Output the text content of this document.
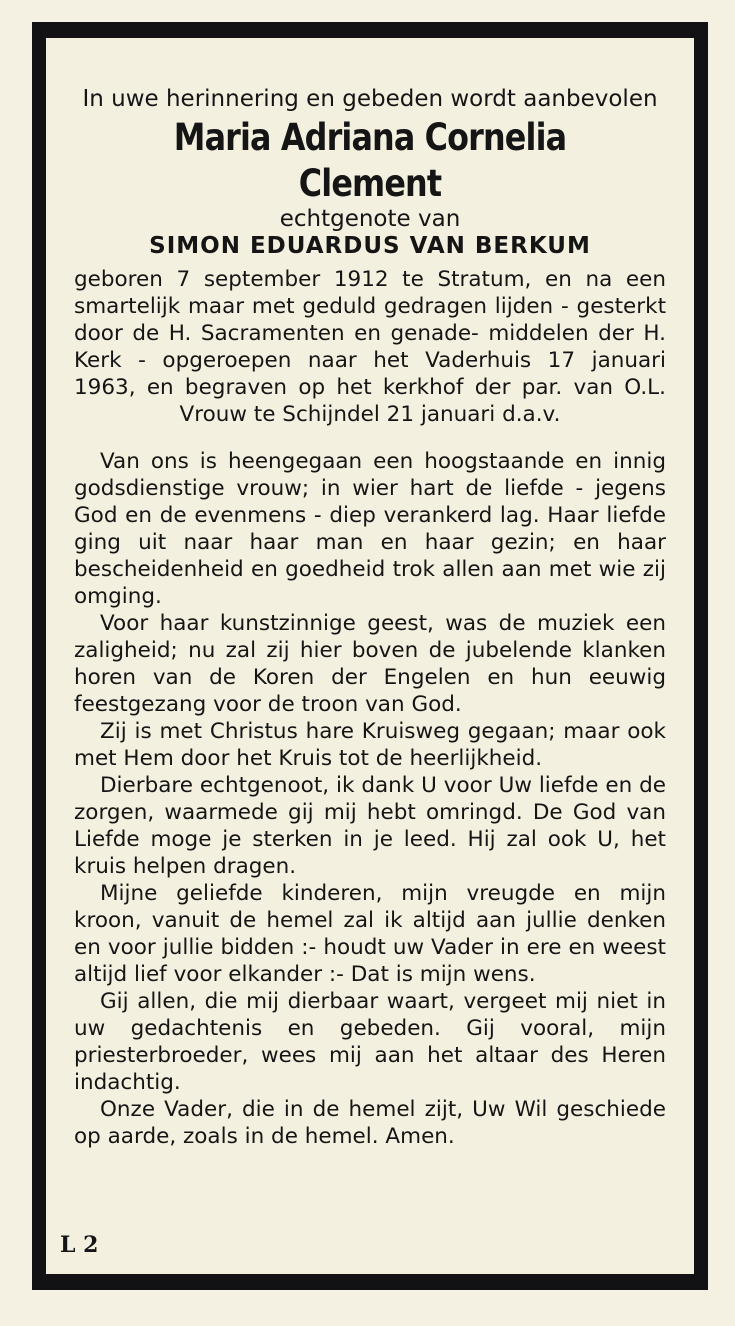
In uwe herinnering en gebeden wordt aanbevolen

Maria Adriana Cornelia Clement

echtgenote van

SIMON EDUARDUS VAN BERKUM

geboren 7 september 1912 te Stratum, en na een smartelijk maar met geduld gedragen lijden - gesterkt door de H. Sacramenten en genade- middelen der H. Kerk - opgeroepen naar het Vaderhuis 17 januari 1963, en begraven op het kerkhof der par. van O.L. Vrouw te Schijndel 21 januari d.a.v.

Van ons is heengegaan een hoogstaande en innig godsdienstige vrouw; in wier hart de liefde - jegens God en de evenmens - diep verankerd lag. Haar liefde ging uit naar haar man en haar gezin; en haar bescheidenheid en goedheid trok allen aan met wie zij omging.

Voor haar kunstzinnige geest, was de muziek een zaligheid; nu zal zij hier boven de jubelende klanken horen van de Koren der Engelen en hun eeuwig feestgezang voor de troon van God.

Zij is met Christus hare Kruisweg gegaan; maar ook met Hem door het Kruis tot de heerlijkheid.

Dierbare echtgenoot, ik dank U voor Uw liefde en de zorgen, waarmede gij mij hebt omringd. De God van Liefde moge je sterken in je leed. Hij zal ook U, het kruis helpen dragen.

Mijne geliefde kinderen, mijn vreugde en mijn kroon, vanuit de hemel zal ik altijd aan jullie denken en voor jullie bidden :- houdt uw Vader in ere en weest altijd lief voor elkander :- Dat is mijn wens.

Gij allen, die mij dierbaar waart, vergeet mij niet in uw gedachtenis en gebeden. Gij vooral, mijn priesterbroeder, wees mij aan het altaar des Heren indachtig.

Onze Vader, die in de hemel zijt, Uw Wil geschiede op aarde, zoals in de hemel. Amen.

L 2
